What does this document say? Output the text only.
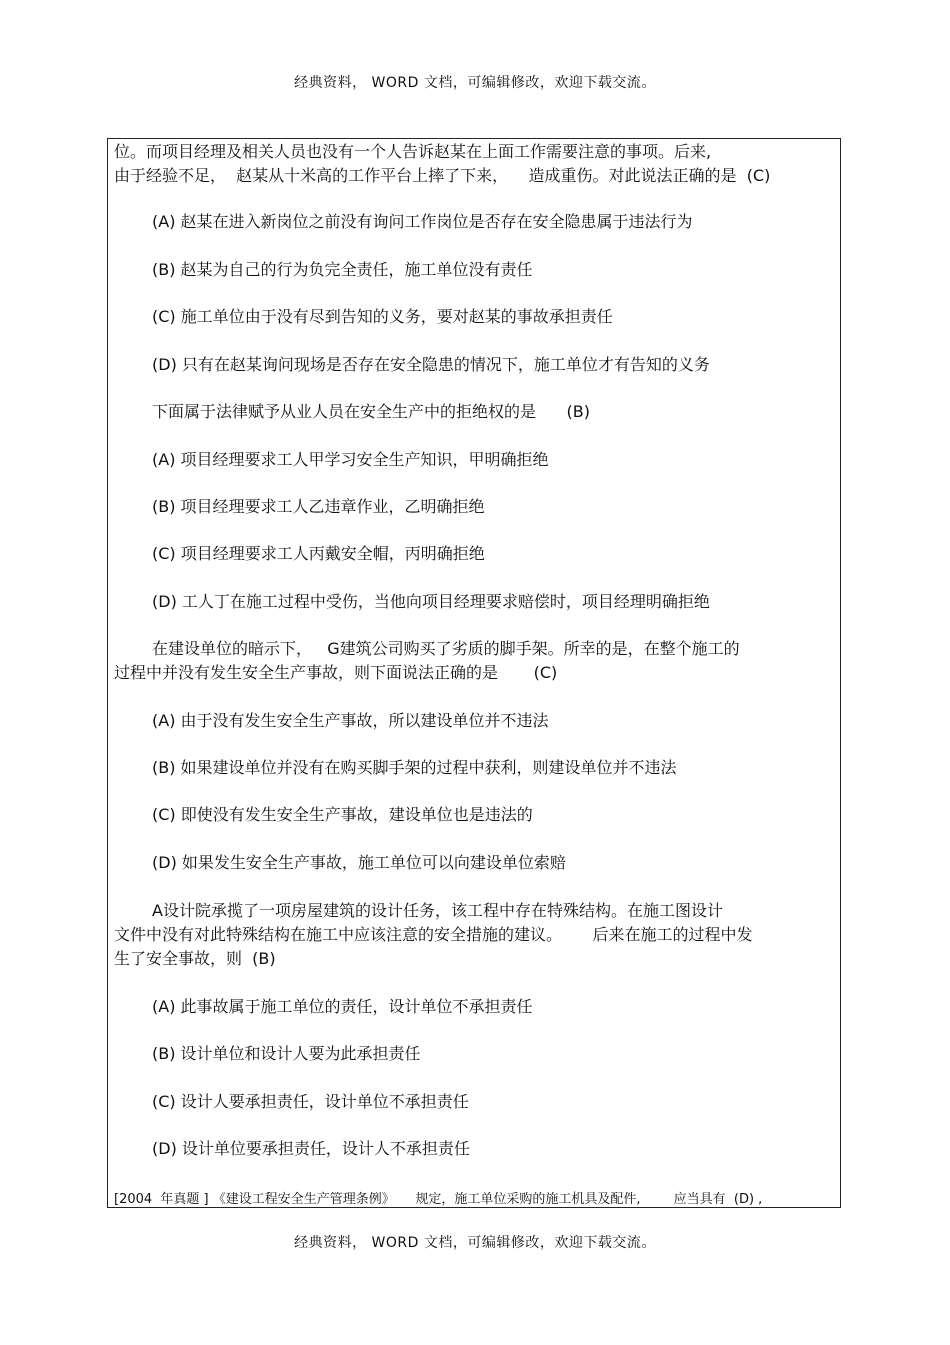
经典资料， WORD 文档，可编辑修改，欢迎下载交流。
位。而项目经理及相关人员也没有一个人告诉赵某在上面工作需要注意的事项。后来,
由于经验不足，  赵某从十米高的工作平台上摔了下来，    造成重伤。对此说法正确的是  (C)
(A) 赵某在进入新岗位之前没有询问工作岗位是否存在安全隐患属于违法行为
(B) 赵某为自己的行为负完全责任，施工单位没有责任
(C) 施工单位由于没有尽到告知的义务，要对赵某的事故承担责任
(D) 只有在赵某询问现场是否存在安全隐患的情况下，施工单位才有告知的义务
下面属于法律赋予从业人员在安全生产中的拒绝权的是      (B)
(A) 项目经理要求工人甲学习安全生产知识，甲明确拒绝
(B) 项目经理要求工人乙违章作业，乙明确拒绝
(C) 项目经理要求工人丙戴安全帽，丙明确拒绝
(D) 工人丁在施工过程中受伤，当他向项目经理要求赔偿时，项目经理明确拒绝
在建设单位的暗示下，   G建筑公司购买了劣质的脚手架。所幸的是，在整个施工的
过程中并没有发生安全生产事故，则下面说法正确的是       (C)
(A) 由于没有发生安全生产事故，所以建设单位并不违法
(B) 如果建设单位并没有在购买脚手架的过程中获利，则建设单位并不违法
(C) 即使没有发生安全生产事故，建设单位也是违法的
(D) 如果发生安全生产事故，施工单位可以向建设单位索赔
A设计院承揽了一项房屋建筑的设计任务，该工程中存在特殊结构。在施工图设计
文件中没有对此特殊结构在施工中应该注意的安全措施的建议。      后来在施工的过程中发
生了安全事故，则  (B)
(A) 此事故属于施工单位的责任，设计单位不承担责任
(B) 设计单位和设计人要为此承担责任
(C) 设计人要承担责任，设计单位不承担责任
(D) 设计单位要承担责任，设计人不承担责任
[2004  年真题 ] 《建设工程安全生产管理条例》     规定，施工单位采购的施工机具及配件,        应当具有  (D) ,
经典资料， WORD 文档，可编辑修改，欢迎下载交流。
